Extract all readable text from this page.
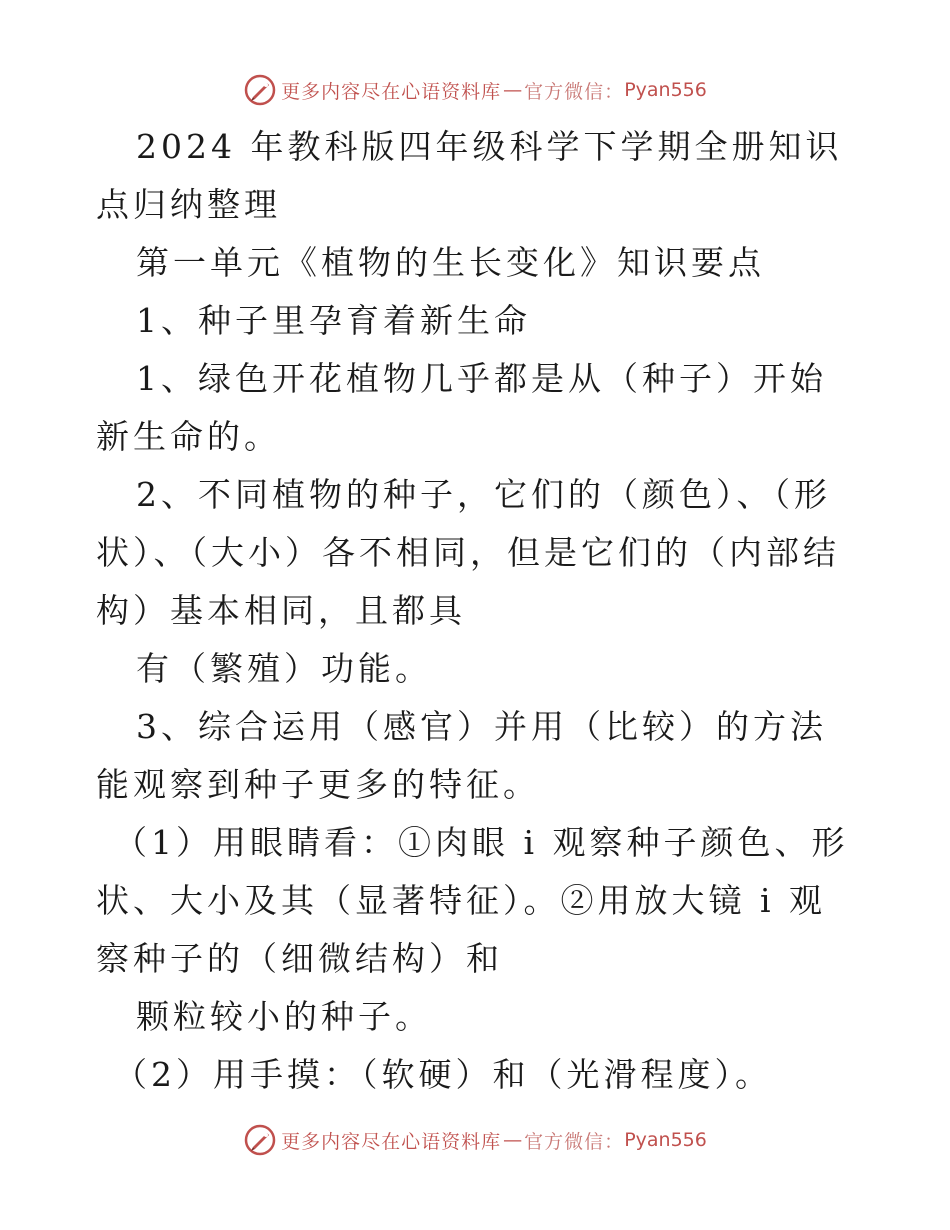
更多内容尽在心语资料库 — 官方微信： Pyan556

2024 年教科版四年级科学下学期全册知识点归纳整理

第一单元《植物的生长变化》知识要点

1、种子里孕育着新生命

1、绿色开花植物几乎都是从（种子）开始新生命的。

2、不同植物的种子，它们的（颜色）、（形状）、（大小）各不相同，但是它们的（内部结构）基本相同，且都具

有（繁殖）功能。

3、综合运用（感官）并用（比较）的方法能观察到种子更多的特征。

（1）用眼睛看：①肉眼 i 观察种子颜色、形状、大小及其（显著特征）。②用放大镜 i 观察种子的（细微结构）和

颗粒较小的种子。

（2）用手摸：（软硬）和（光滑程度）。

更多内容尽在心语资料库 — 官方微信： Pyan556
